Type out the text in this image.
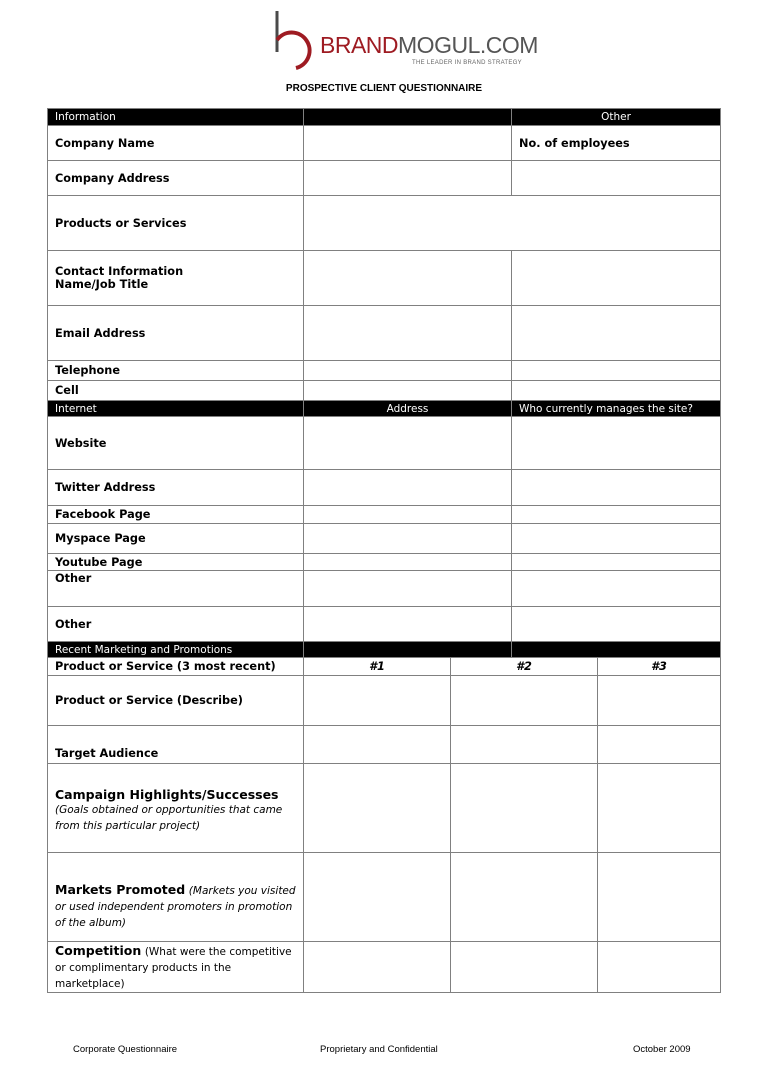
BRANDMOGUL.COM
THE LEADER IN BRAND STRATEGY
PROSPECTIVE CLIENT QUESTIONNAIRE
Information			Other	
Company Name			No. of employees	
Company Address				
Products or Services				

Contact Information
Name/Job Title				

Email Address				
Telephone				
Cell				
Internet	Address		Who currently manages the site?	
Website				
Twitter Address				
Facebook Page				
Myspace Page				
Youtube Page				
Other				
Other				
Recent Marketing and Promotions				
Product or Service (3 most recent)	#1	#2		#3
Product or Service (Describe)				
Target Audience				
Campaign Highlights/Successes (Goals obtained or opportunities that came from this particular project)				
Markets Promoted (Markets you visited or used independent promoters in promotion of the album)				
Competition (What were the competitive or complimentary products in the marketplace)				
Corporate Questionnaire	Proprietary and Confidential	October 2009
